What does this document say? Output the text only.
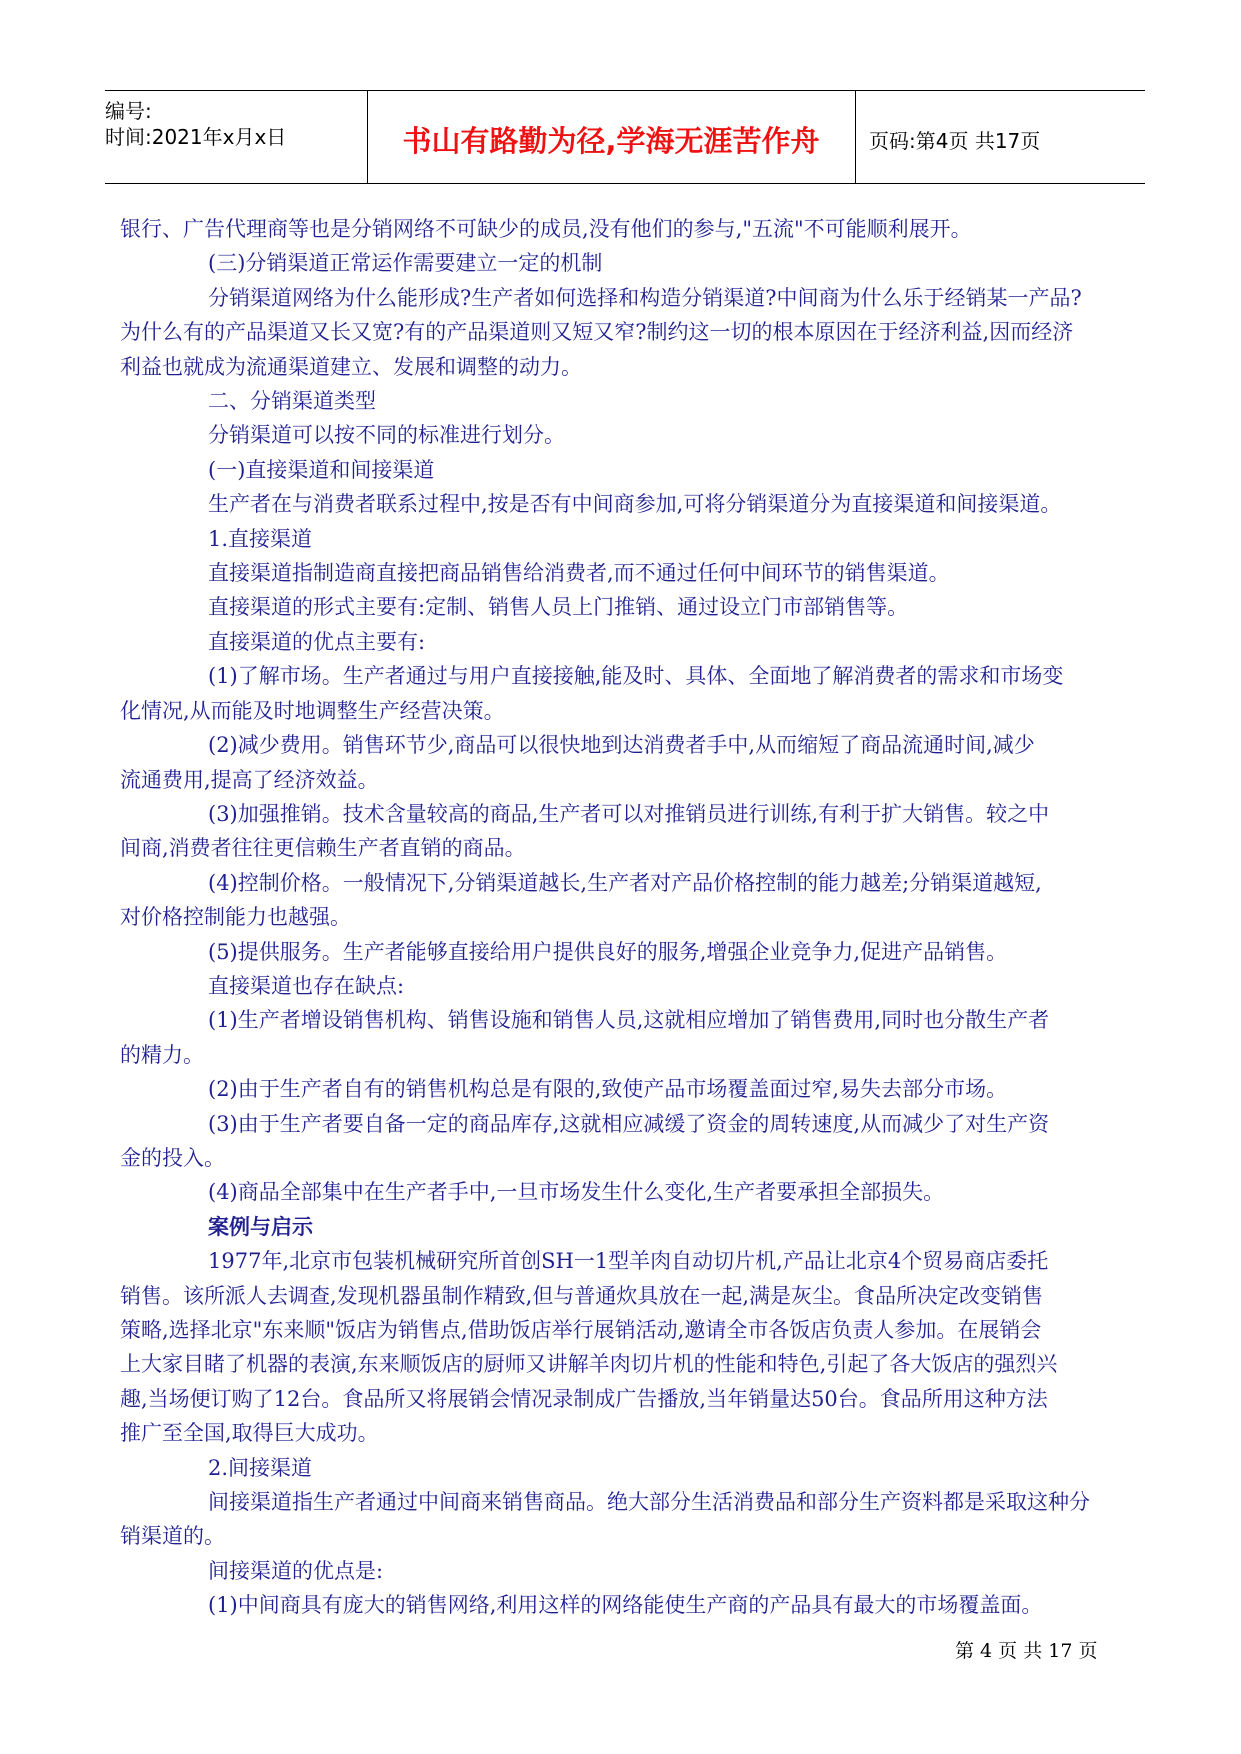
编号:
时间:2021年x月x日	书山有路勤为径,学海无涯苦作舟	页码:第4页 共17页
银行、广告代理商等也是分销网络不可缺少的成员,没有他们的参与,"五流"不可能顺利展开。
(三)分销渠道正常运作需要建立一定的机制
分销渠道网络为什么能形成?生产者如何选择和构造分销渠道?中间商为什么乐于经销某一产品?
为什么有的产品渠道又长又宽?有的产品渠道则又短又窄?制约这一切的根本原因在于经济利益,因而经济
利益也就成为流通渠道建立、发展和调整的动力。
二、分销渠道类型
分销渠道可以按不同的标准进行划分。
(一)直接渠道和间接渠道
生产者在与消费者联系过程中,按是否有中间商参加,可将分销渠道分为直接渠道和间接渠道。
1.直接渠道
直接渠道指制造商直接把商品销售给消费者,而不通过任何中间环节的销售渠道。
直接渠道的形式主要有:定制、销售人员上门推销、通过设立门市部销售等。
直接渠道的优点主要有:
(1)了解市场。生产者通过与用户直接接触,能及时、具体、全面地了解消费者的需求和市场变
化情况,从而能及时地调整生产经营决策。
(2)减少费用。销售环节少,商品可以很快地到达消费者手中,从而缩短了商品流通时间,减少
流通费用,提高了经济效益。
(3)加强推销。技术含量较高的商品,生产者可以对推销员进行训练,有利于扩大销售。较之中
间商,消费者往往更信赖生产者直销的商品。
(4)控制价格。一般情况下,分销渠道越长,生产者对产品价格控制的能力越差;分销渠道越短,
对价格控制能力也越强。
(5)提供服务。生产者能够直接给用户提供良好的服务,增强企业竞争力,促进产品销售。
直接渠道也存在缺点:
(1)生产者增设销售机构、销售设施和销售人员,这就相应增加了销售费用,同时也分散生产者
的精力。
(2)由于生产者自有的销售机构总是有限的,致使产品市场覆盖面过窄,易失去部分市场。
(3)由于生产者要自备一定的商品库存,这就相应减缓了资金的周转速度,从而减少了对生产资
金的投入。
(4)商品全部集中在生产者手中,一旦市场发生什么变化,生产者要承担全部损失。
案例与启示
1977年,北京市包装机械研究所首创SH一1型羊肉自动切片机,产品让北京4个贸易商店委托
销售。该所派人去调查,发现机器虽制作精致,但与普通炊具放在一起,满是灰尘。食品所决定改变销售
策略,选择北京"东来顺"饭店为销售点,借助饭店举行展销活动,邀请全市各饭店负责人参加。在展销会
上大家目睹了机器的表演,东来顺饭店的厨师又讲解羊肉切片机的性能和特色,引起了各大饭店的强烈兴
趣,当场便订购了12台。食品所又将展销会情况录制成广告播放,当年销量达50台。食品所用这种方法
推广至全国,取得巨大成功。
2.间接渠道
间接渠道指生产者通过中间商来销售商品。绝大部分生活消费品和部分生产资料都是采取这种分
销渠道的。
间接渠道的优点是:
(1)中间商具有庞大的销售网络,利用这样的网络能使生产商的产品具有最大的市场覆盖面。
第 4 页 共 17 页
